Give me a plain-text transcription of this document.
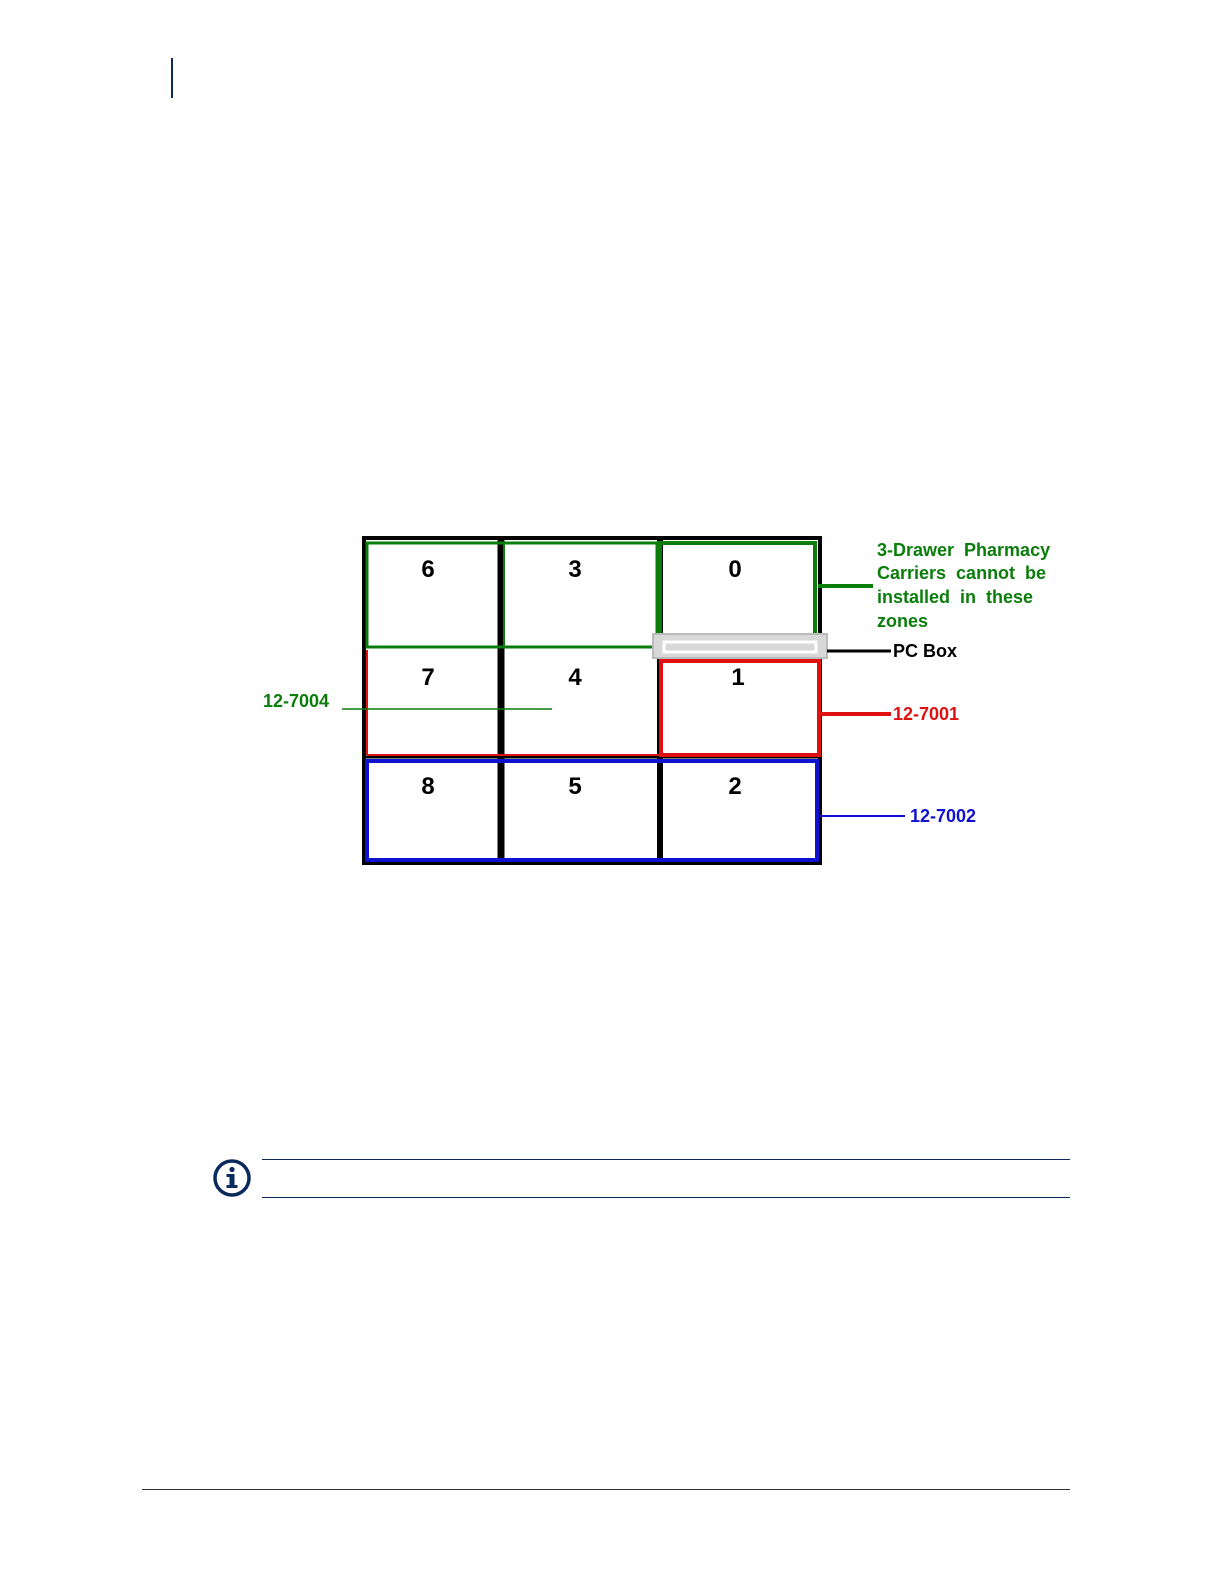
6	3	0
7	4	1
8	5	2
3-Drawer  Pharmacy
Carriers  cannot  be
installed  in  these
zones
PC Box
12-7001
12-7002
12-7004
